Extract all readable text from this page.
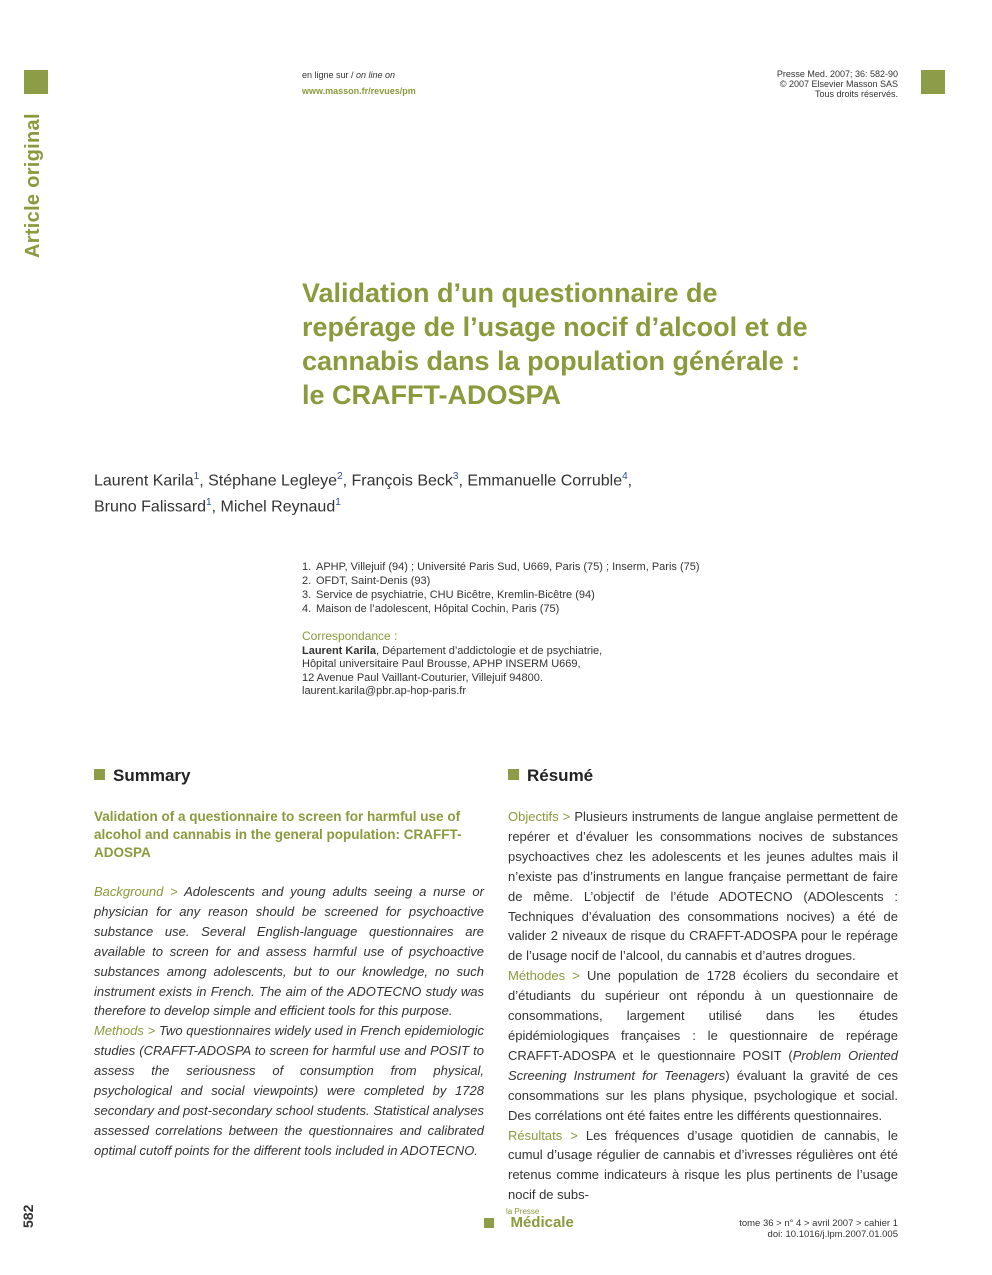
Article original
en ligne sur / on line on
www.masson.fr/revues/pm
Presse Med. 2007; 36: 582-90
© 2007 Elsevier Masson SAS
Tous droits réservés.
Validation d’un questionnaire de repérage de l’usage nocif d’alcool et de cannabis dans la population générale : le CRAFFT-ADOSPA
Laurent Karila$^1$, Stéphane Legleye$^2$, François Beck$^3$, Emmanuelle Corruble$^4$,
Bruno Falissard$^1$, Michel Reynaud$^1$
1. APHP, Villejuif (94) ; Université Paris Sud, U669, Paris (75) ; Inserm, Paris (75)
2. OFDT, Saint-Denis (93)
3. Service de psychiatrie, CHU Bicêtre, Kremlin-Bicêtre (94)
4. Maison de l’adolescent, Hôpital Cochin, Paris (75)
Correspondance :
Laurent Karila, Département d’addictologie et de psychiatrie,
Hôpital universitaire Paul Brousse, APHP INSERM U669,
12 Avenue Paul Vaillant-Couturier, Villejuif 94800.
laurent.karila@pbr.ap-hop-paris.fr
Summary	Résumé
Validation of a questionnaire to screen for harmful use of alcohol and cannabis in the general population: CRAFFT-ADOSPA

Background > Adolescents and young adults seeing a nurse or physician for any reason should be screened for psychoactive substance use. Several English-language questionnaires are available to screen for and assess harmful use of psychoactive substances among adolescents, but to our knowledge, no such instrument exists in French. The aim of the ADOTECNO study was therefore to develop simple and efficient tools for this purpose.

Methods > Two questionnaires widely used in French epidemiologic studies (CRAFFT-ADOSPA to screen for harmful use and POSIT to assess the seriousness of consumption from physical, psychological and social viewpoints) were completed by 1728 secondary and post-secondary school students. Statistical analyses assessed correlations between the questionnaires and calibrated optimal cutoff points for the different tools included in ADOTECNO.

Objectifs > Plusieurs instruments de langue anglaise permettent de repérer et d’évaluer les consommations nocives de substances psychoactives chez les adolescents et les jeunes adultes mais il n’existe pas d’instruments en langue française permettant de faire de même. L’objectif de l’étude ADOTECNO (ADOlescents : Techniques d’évaluation des consommations nocives) a été de valider 2 niveaux de risque du CRAFFT-ADOSPA pour le repérage de l’usage nocif de l’alcool, du cannabis et d’autres drogues.

Méthodes > Une population de 1728 écoliers du secondaire et d’étudiants du supérieur ont répondu à un questionnaire de consommations, largement utilisé dans les études épidémiologiques françaises : le questionnaire de repérage CRAFFT-ADOSPA et le questionnaire POSIT (Problem Oriented Screening Instrument for Teenagers) évaluant la gravité de ces consommations sur les plans physique, psychologique et social. Des corrélations ont été faites entre les différents questionnaires.

Résultats > Les fréquences d’usage quotidien de cannabis, le cumul d’usage régulier de cannabis et d’ivresses régulières ont été retenus comme indicateurs à risque les plus pertinents de l’usage nocif de subs-

582
	la Presse
Médicale	tome 36 > n° 4 > avril 2007 > cahier 1
doi: 10.1016/j.lpm.2007.01.005
